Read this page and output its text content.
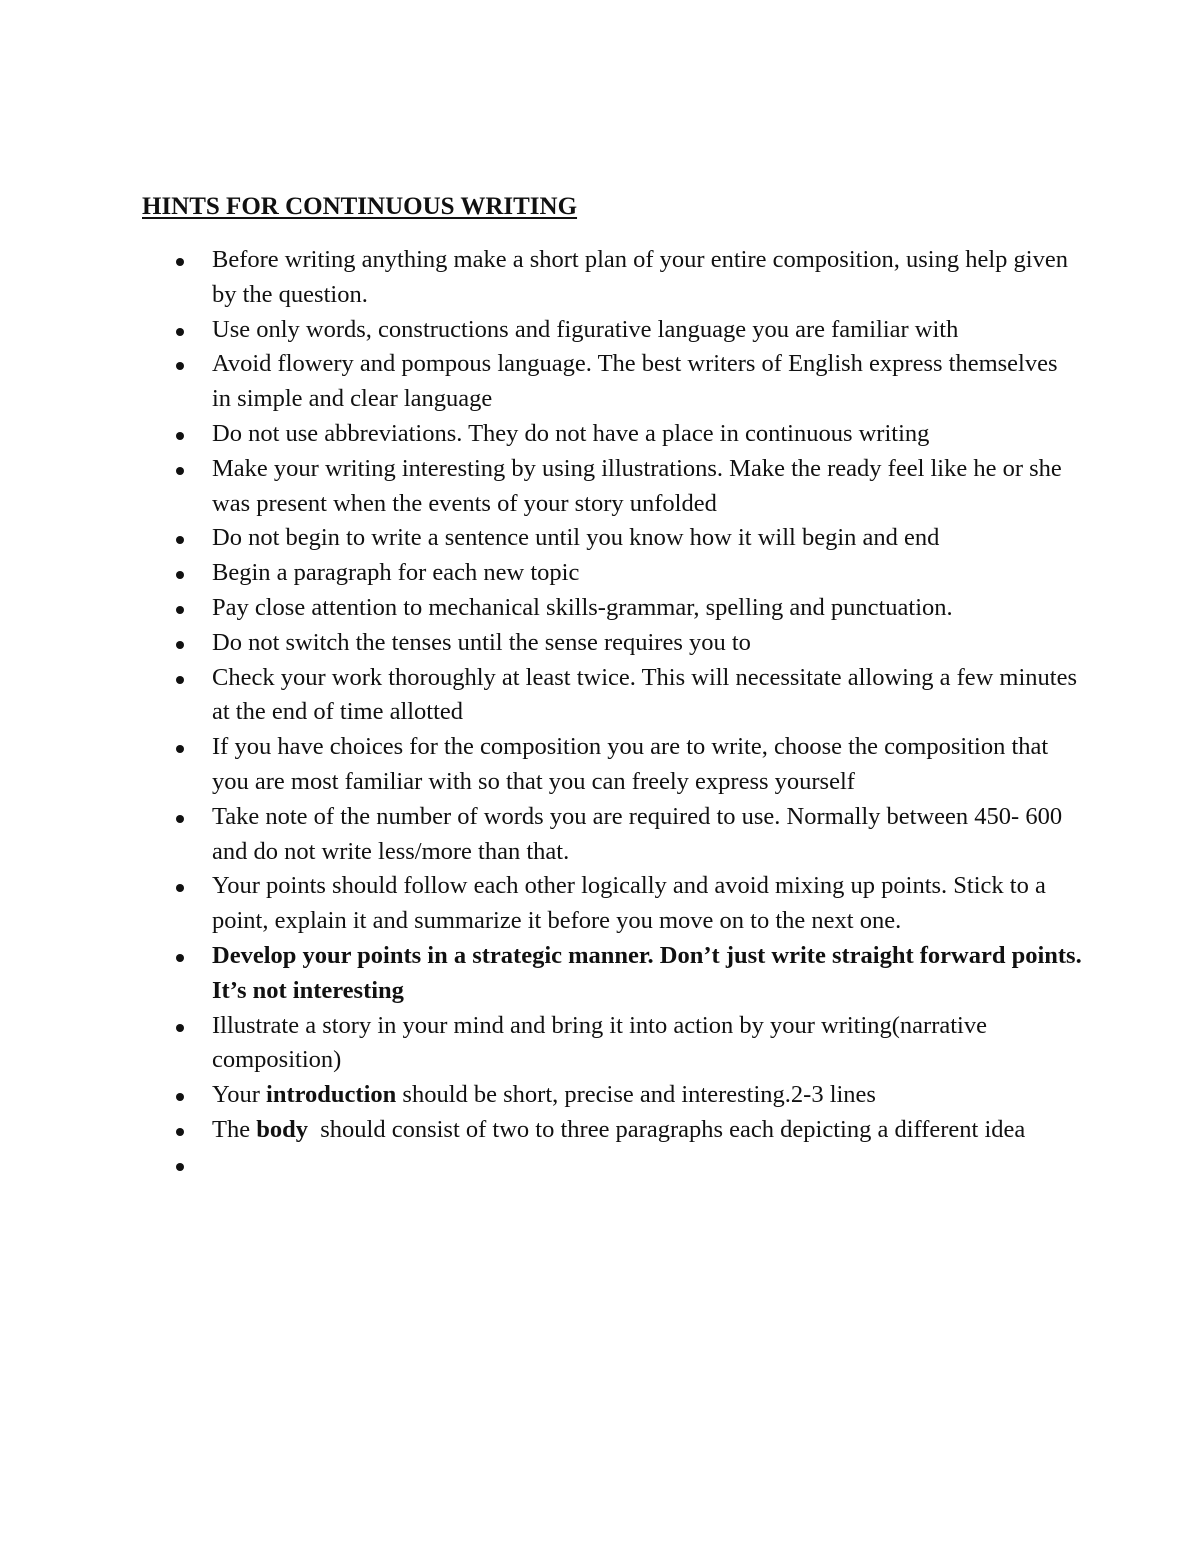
HINTS FOR CONTINUOUS WRITING
Before writing anything make a short plan of your entire composition, using help given by the question.
Use only words, constructions and figurative language you are familiar with
Avoid flowery and pompous language. The best writers of English express themselves in simple and clear language
Do not use abbreviations. They do not have a place in continuous writing
Make your writing interesting by using illustrations. Make the ready feel like he or she was present when the events of your story unfolded
Do not begin to write a sentence until you know how it will begin and end
Begin a paragraph for each new topic
Pay close attention to mechanical skills-grammar, spelling and punctuation.
Do not switch the tenses until the sense requires you to
Check your work thoroughly at least twice. This will necessitate allowing a few minutes at the end of time allotted
If you have choices for the composition you are to write, choose the composition that you are most familiar with so that you can freely express yourself
Take note of the number of words you are required to use. Normally between 450- 600 and do not write less/more than that.
Your points should follow each other logically and avoid mixing up points. Stick to a point, explain it and summarize it before you move on to the next one.
Develop your points in a strategic manner. Don’t just write straight forward points. It’s not interesting
Illustrate a story in your mind and bring it into action by your writing(narrative composition)
Your introduction should be short, precise and interesting.2-3 lines
The body  should consist of two to three paragraphs each depicting a different idea
